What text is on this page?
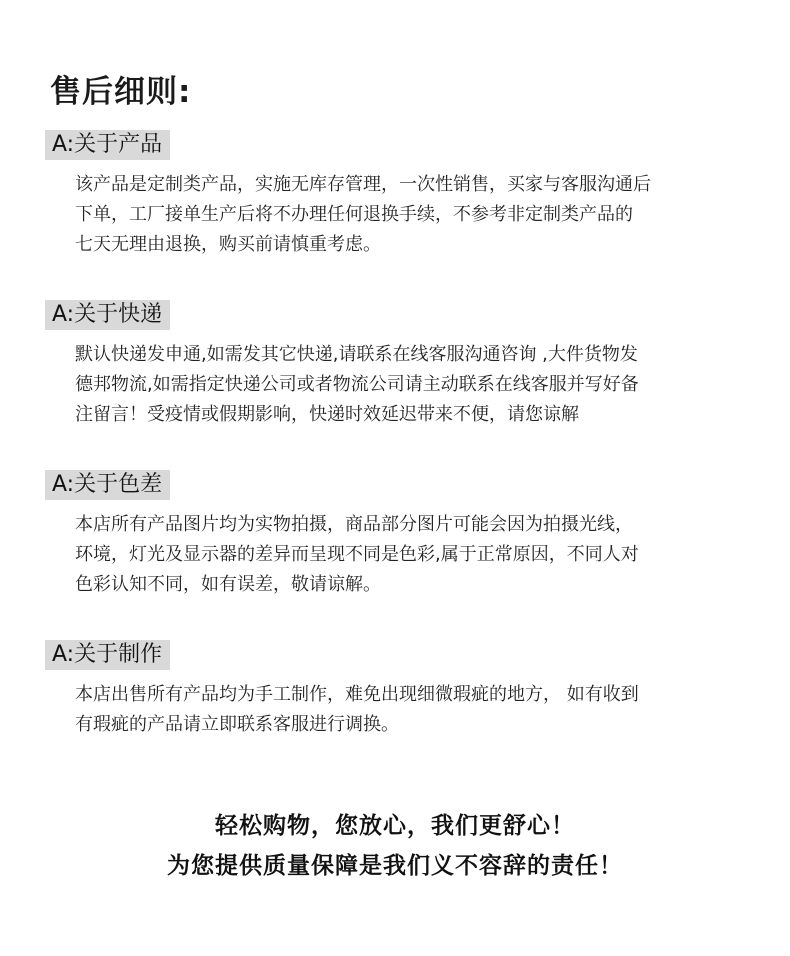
售后细则:
A:关于产品
该产品是定制类产品，实施无库存管理，一次性销售，买家与客服沟通后
下单，工厂接单生产后将不办理任何退换手续，不参考非定制类产品的
七天无理由退换，购买前请慎重考虑。
A:关于快递
默认快递发申通,如需发其它快递,请联系在线客服沟通咨询 ,大件货物发
德邦物流,如需指定快递公司或者物流公司请主动联系在线客服并写好备
注留言！受疫情或假期影响，快递时效延迟带来不便，请您谅解
A:关于色差
本店所有产品图片均为实物拍摄，商品部分图片可能会因为拍摄光线，
环境，灯光及显示器的差异而呈现不同是色彩,属于正常原因，不同人对
色彩认知不同，如有误差，敬请谅解。
A:关于制作
本店出售所有产品均为手工制作，难免出现细微瑕疵的地方， 如有收到
有瑕疵的产品请立即联系客服进行调换。
轻松购物，您放心，我们更舒心！
为您提供质量保障是我们义不容辞的责任！
